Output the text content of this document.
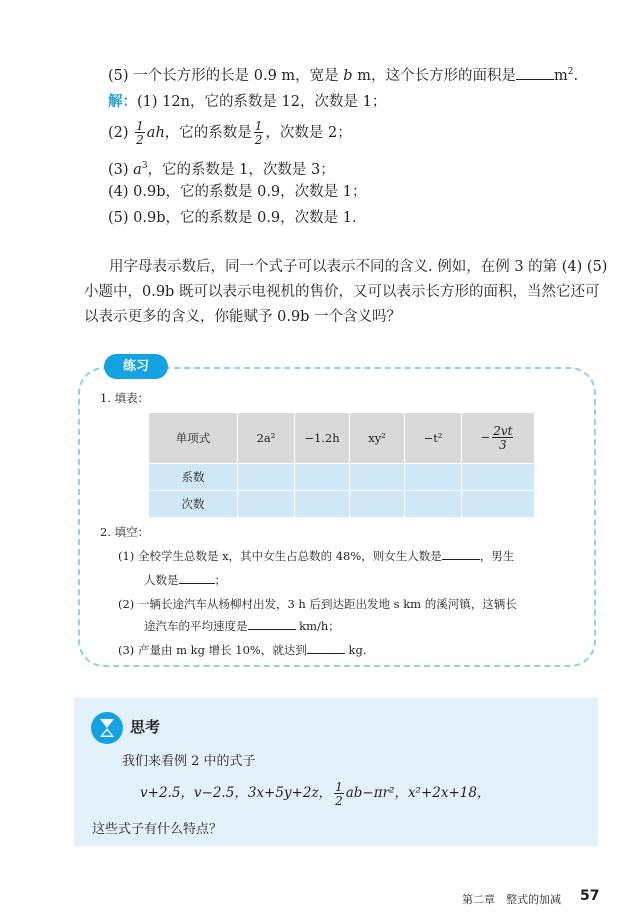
(5) 一个长方形的长是 0.9 m，宽是 b m，这个长方形的面积是	$m^2$.
解：(1) 12n，它的系数是 12，次数是 1；
$(2) \frac{1}{2}$ ah，它的系数是 $\frac{1}{2}$ ，次数是 2；
(3) $a^3$，它的系数是 1，次数是 3；
(4) 0.9b，它的系数是 0.9，次数是 1；
(5) 0.9b，它的系数是 0.9，次数是 1.
用字母表示数后，同一个式子可以表示不同的含义. 例如，在例 3 的第 (4) (5) 小题中，0.9b 既可以表示电视机的售价，又可以表示长方形的面积，当然它还可以表示更多的含义，你能赋予 0.9b 一个含义吗？
练习
1. 填表：
单项式	2a²	−1.2h	xy²	−t²	− $\frac{2vt}{3}$

系数					
次数					
2. 填空：
(1) 全校学生总数是 x，其中女生占总数的 48%，则女生人数是	，男生
人数是	；
(2) 一辆长途汽车从杨柳村出发，3 h 后到达距出发地 s km 的溪河镇，这辆长
途汽车的平均速度是	km/h；
(3) 产量由 m kg 增长 10%，就达到	kg.
思考
我们来看例 2 中的式子
v+2.5，v−2.5，3x+5y+2z， $\frac{1}{2} ab-\pi r^2$，x²+2x+18，
这些式子有什么特点？
第二章　整式的加减 57
